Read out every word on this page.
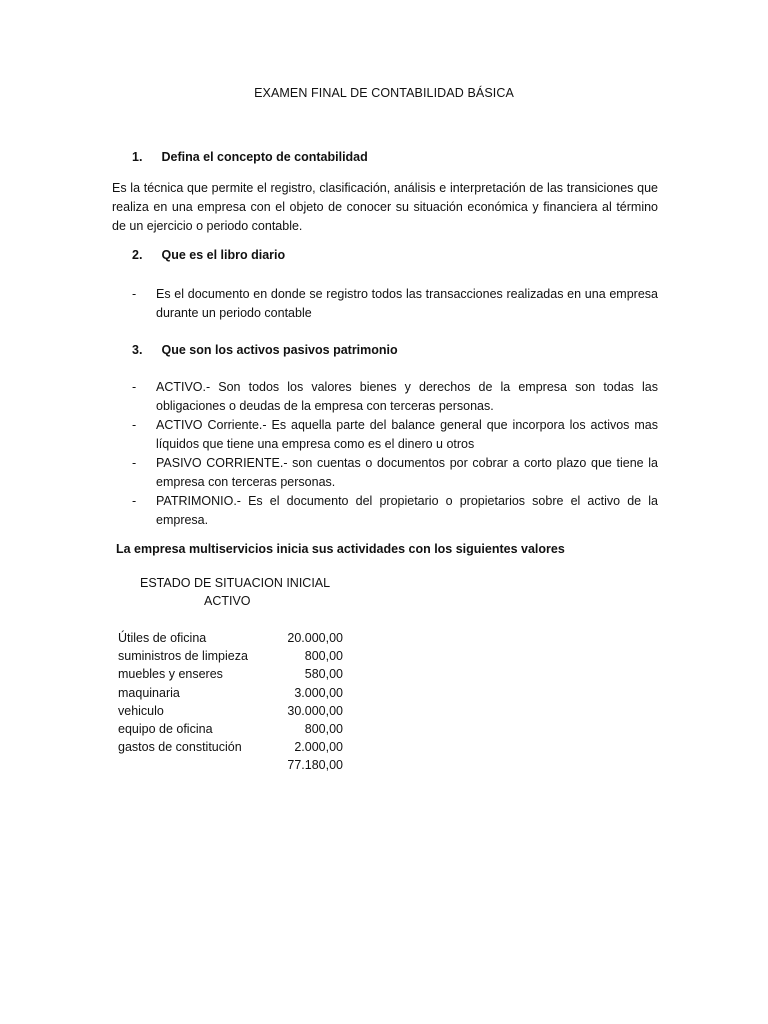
EXAMEN FINAL DE CONTABILIDAD BÁSICA
1. Defina el concepto de contabilidad
Es la técnica que permite el registro, clasificación, análisis e interpretación de las transiciones que realiza en una empresa con el objeto de conocer su situación económica y financiera al término de un ejercicio o periodo contable.
2. Que es el libro diario
-	Es el documento en donde se registro todos las transacciones realizadas en una empresa durante un periodo contable
3. Que son los activos pasivos patrimonio
-	ACTIVO.- Son todos los valores bienes y derechos de la empresa son todas las obligaciones o deudas de la empresa con terceras personas.
-	ACTIVO Corriente.- Es aquella parte del balance general que incorpora los activos mas líquidos que tiene una empresa como es el dinero u otros
-	PASIVO CORRIENTE.- son cuentas o documentos por cobrar a corto plazo que tiene la empresa con terceras personas.
-	PATRIMONIO.- Es el documento del propietario o propietarios sobre el activo de la empresa.
La empresa multiservicios inicia sus actividades con los siguientes valores
ESTADO DE SITUACION INICIAL
ACTIVO
Útiles de oficina	20.000,00
suministros de limpieza	800,00
muebles y enseres	580,00
maquinaria	3.000,00
vehiculo	30.000,00
equipo de oficina	800,00
gastos de constitución	2.000,00
77.180,00
